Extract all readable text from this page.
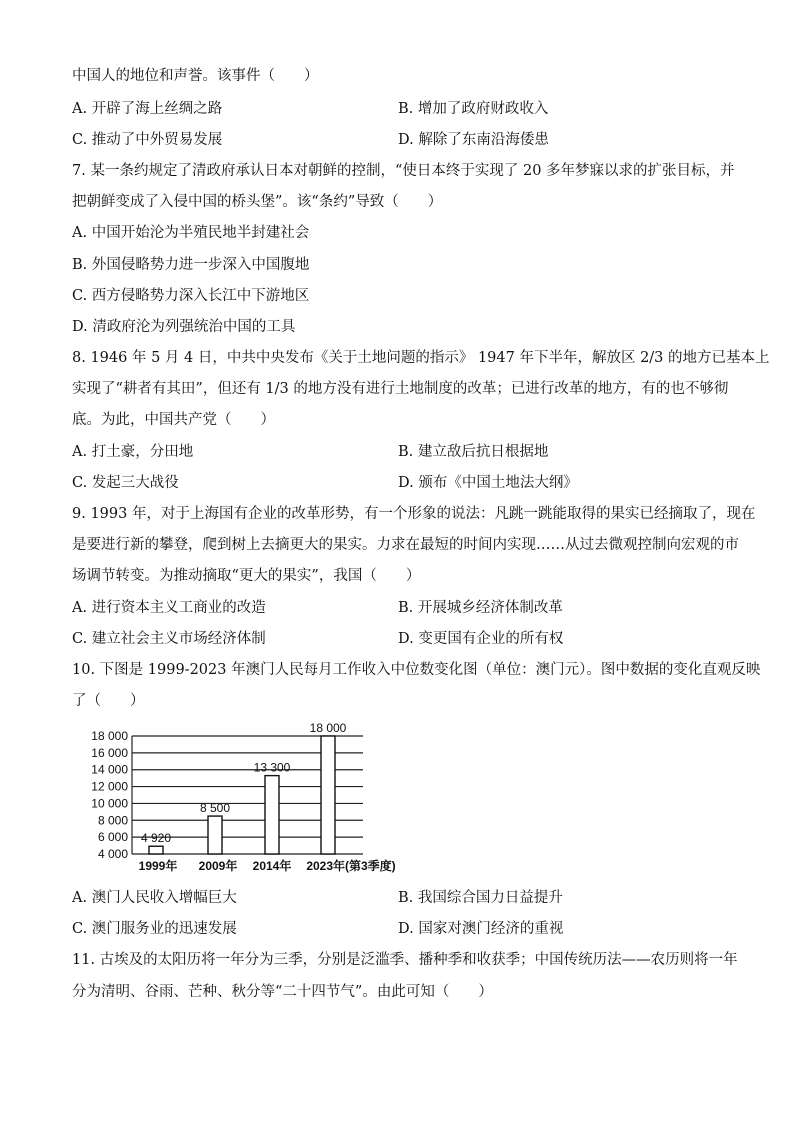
中国人的地位和声誉。该事件（　　）
A. 开辟了海上丝绸之路	B. 增加了政府财政收入
C. 推动了中外贸易发展	D. 解除了东南沿海倭患
7. 某一条约规定了清政府承认日本对朝鲜的控制，“使日本终于实现了 20 多年梦寐以求的扩张目标，并
把朝鲜变成了入侵中国的桥头堡”。该“条约”导致（　　）
A. 中国开始沦为半殖民地半封建社会
B. 外国侵略势力进一步深入中国腹地
C. 西方侵略势力深入长江中下游地区
D. 清政府沦为列强统治中国的工具
8. 1946 年 5 月 4 日，中共中央发布《关于土地问题的指示》 1947 年下半年，解放区 2/3 的地方已基本上
实现了“耕者有其田”，但还有 1/3 的地方没有进行土地制度的改革；已进行改革的地方，有的也不够彻
底。为此，中国共产党（　　）
A. 打土豪，分田地	B. 建立敌后抗日根据地
C. 发起三大战役	D. 颁布《中国土地法大纲》
9. 1993 年，对于上海国有企业的改革形势，有一个形象的说法：凡跳一跳能取得的果实已经摘取了，现在
是要进行新的攀登，爬到树上去摘更大的果实。力求在最短的时间内实现……从过去微观控制向宏观的市
场调节转变。为推动摘取“更大的果实”，我国（　　）
A. 进行资本主义工商业的改造	B. 开展城乡经济体制改革
C. 建立社会主义市场经济体制	D. 变更国有企业的所有权
10. 下图是 1999-2023 年澳门人民每月工作收入中位数变化图（单位：澳门元）。图中数据的变化直观反映
了（　　）
4 000
6 000
8 000
10 000
12 000
14 000
16 000
18 000
4 920
8 500
13 300
18 000
1999年 2009年 2014年 2023年(第3季度)
A. 澳门人民收入增幅巨大	B. 我国综合国力日益提升
C. 澳门服务业的迅速发展	D. 国家对澳门经济的重视
11. 古埃及的太阳历将一年分为三季，分别是泛滥季、播种季和收获季；中国传统历法——农历则将一年
分为清明、谷雨、芒种、秋分等“二十四节气”。由此可知（　　）
